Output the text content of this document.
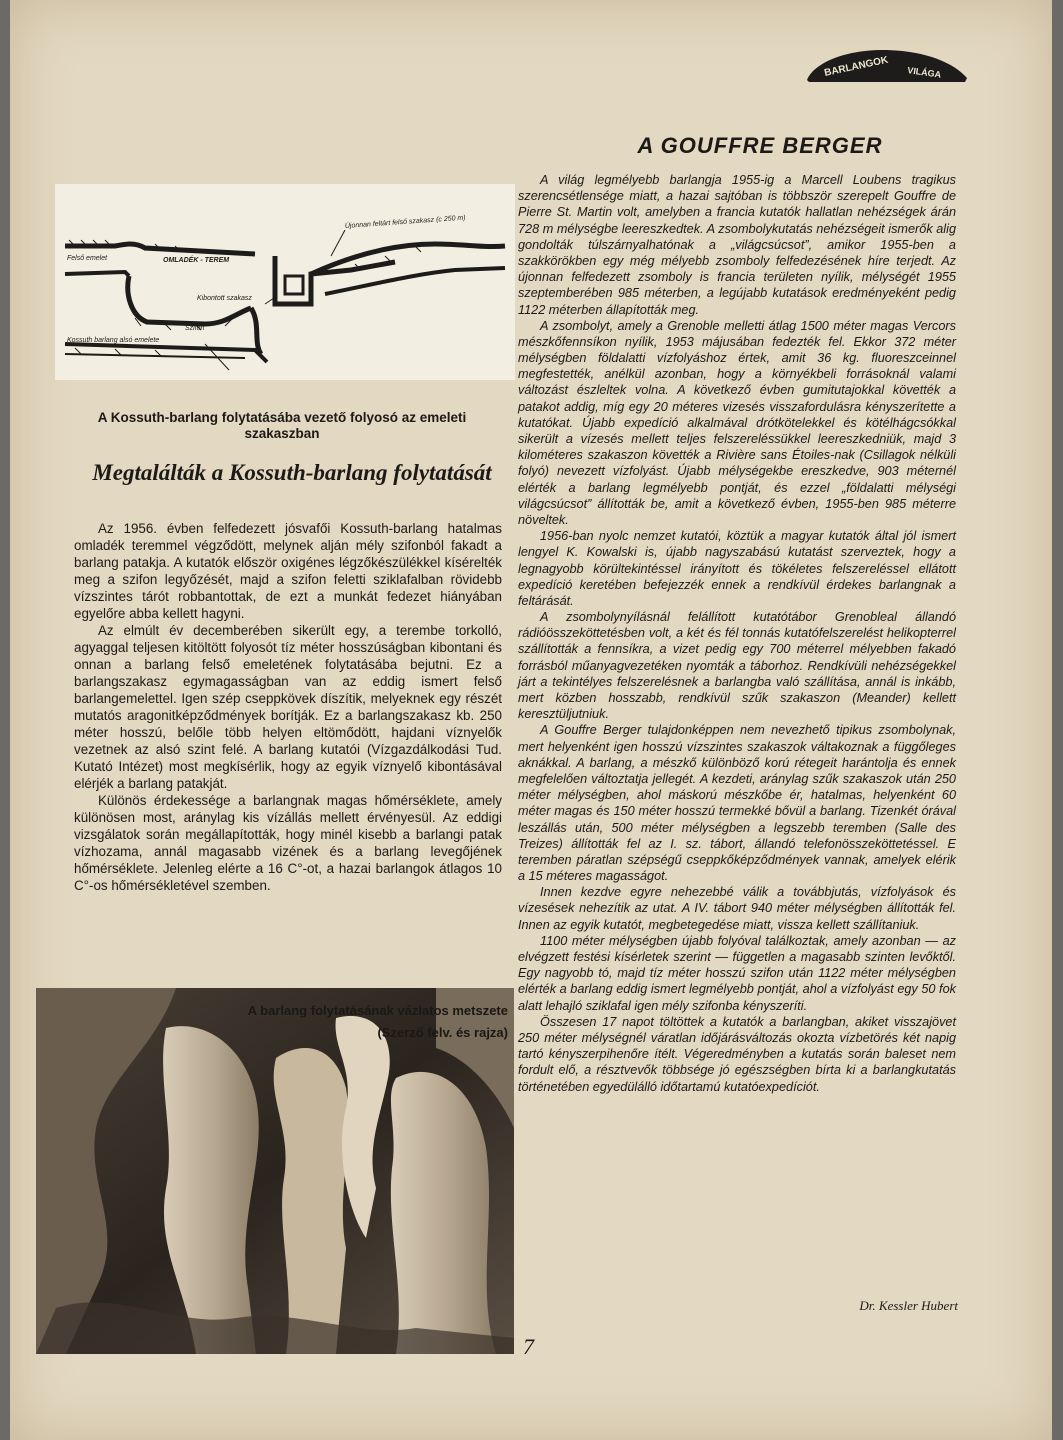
BARLANGOK VILÁGA
Felső emelet	OMLADÉK - TEREM
Kibontott szakasz
Szifon
Kossuth barlang alsó emelete
Újonnan feltárt felső szakasz (c 250 m)
A Kossuth-barlang folytatásába vezető folyosó az emeleti szakaszban
Megtalálták a Kossuth-barlang folytatását

Az 1956. évben felfedezett jósvafői Kossuth-barlang hatalmas omladék teremmel végződött, melynek alján mély szifonból fakadt a barlang patakja. A kutatók először oxigénes légzőkészülékkel kísérelték meg a szifon legyőzését, majd a szifon feletti sziklafalban rövidebb vízszintes tárót robbantottak, de ezt a munkát fedezet hiányában egyelőre abba kellett hagyni.

Az elmúlt év decemberében sikerült egy, a terembe torkolló, agyaggal teljesen kitöltött folyosót tíz méter hosszúságban kibontani és onnan a barlang felső emeletének folytatásába bejutni. Ez a barlangszakasz egymagasságban van az eddig ismert felső barlangemelettel. Igen szép cseppkövek díszítik, melyeknek egy részét mutatós aragonitképződmények borítják. Ez a barlangszakasz kb. 250 méter hosszú, belőle több helyen eltömődött, hajdani víznyelők vezetnek az alsó szint felé. A barlang kutatói (Vízgazdálkodási Tud. Kutató Intézet) most megkísérlik, hogy az egyik víznyelő kibontásával elérjék a barlang patakját.

Különös érdekessége a barlangnak magas hőmérséklete, amely különösen most, aránylag kis vízállás mellett érvényesül. Az eddigi vizsgálatok során megállapították, hogy minél kisebb a barlangi patak vízhozama, annál magasabb vizének és a barlang levegőjének hőmérséklete. Jelenleg elérte a 16 C°-ot, a hazai barlangok átlagos 10 C°-os hőmérsékletével szemben.

A barlang folytatásának vázlatos metszete
(Szerző felv. és rajza)
7
A GOUFFRE BERGER

A világ legmélyebb barlangja 1955-ig a Marcell Loubens tragikus szerencsétlensége miatt, a hazai sajtóban is többször szerepelt Gouffre de Pierre St. Martin volt, amelyben a francia kutatók hallatlan nehézségek árán 728 m mélységbe leereszkedtek. A zsombolykutatás nehézségeit ismerők alig gondolták túlszárnyalhatónak a „világcsúcsot”, amikor 1955-ben a szakkörökben egy még mélyebb zsomboly felfedezésének híre terjedt. Az újonnan felfedezett zsomboly is francia területen nyílik, mélységét 1955 szeptemberében 985 méterben, a legújabb kutatások eredményeként pedig 1122 méterben állapították meg.

A zsombolyt, amely a Grenoble melletti átlag 1500 méter magas Vercors mészkőfennsíkon nyílik, 1953 májusában fedezték fel. Ekkor 372 méter mélységben földalatti vízfolyáshoz értek, amit 36 kg. fluoreszceinnel megfestették, anélkül azonban, hogy a környékbeli forrásoknál valami változást észleltek volna. A következő évben gumitutajokkal követték a patakot addig, míg egy 20 méteres vizesés visszafordulásra kényszerítette a kutatókat. Újabb expedíció alkalmával drótkötelekkel és kötélhágcsókkal sikerült a vízesés mellett teljes felszereléssükkel leereszkedniük, majd 3 kilométeres szakaszon követték a Rivière sans Étoiles-nak (Csillagok nélküli folyó) nevezett vízfolyást. Újabb mélységekbe ereszkedve, 903 méternél elérték a barlang legmélyebb pontját, és ezzel „földalatti mélységi világcsúcsot” állították be, amit a következő évben, 1955-ben 985 méterre növeltek.

1956-ban nyolc nemzet kutatói, köztük a magyar kutatók által jól ismert lengyel K. Kowalski is, újabb nagyszabású kutatást szerveztek, hogy a legnagyobb körültekintéssel irányított és tökéletes felszereléssel ellátott expedíció keretében befejezzék ennek a rendkívül érdekes barlangnak a feltárását.

A zsombolynyílásnál felállított kutatótábor Grenobleal állandó rádióösszeköttetésben volt, a két és fél tonnás kutatófelszerelést helikopterrel szállították a fennsíkra, a vizet pedig egy 700 méterrel mélyebben fakadó forrásból műanyagvezetéken nyomták a táborhoz. Rendkívüli nehézségekkel járt a tekintélyes felszerelésnek a barlangba való szállítása, annál is inkább, mert közben hosszabb, rendkívül szűk szakaszon (Meander) kellett keresztüljutniuk.

A Gouffre Berger tulajdonképpen nem nevezhető tipikus zsombolynak, mert helyenként igen hosszú vízszintes szakaszok váltakoznak a függőleges aknákkal. A barlang, a mészkő különböző korú rétegeit harántolja és ennek megfelelően változtatja jellegét. A kezdeti, aránylag szűk szakaszok után 250 méter mélységben, ahol máskorú mészkőbe ér, hatalmas, helyenként 60 méter magas és 150 méter hosszú termekké bővül a barlang. Tizenkét órával leszállás után, 500 méter mélységben a legszebb teremben (Salle des Treizes) állították fel az I. sz. tábort, állandó telefonösszeköttetéssel. E teremben páratlan szépségű cseppkőképződmények vannak, amelyek elérik a 15 méteres magasságot.

Innen kezdve egyre nehezebbé válik a továbbjutás, vízfolyások és vízesések nehezítik az utat. A IV. tábort 940 méter mélységben állították fel. Innen az egyik kutatót, megbetegedése miatt, vissza kellett szállítaniuk.

1100 méter mélységben újabb folyóval találkoztak, amely azonban — az elvégzett festési kísérletek szerint — független a magasabb szinten levőktől. Egy nagyobb tó, majd tíz méter hosszú szifon után 1122 méter mélységben elérték a barlang eddig ismert legmélyebb pontját, ahol a vízfolyást egy 50 fok alatt lehajló sziklafal igen mély szifonba kényszeríti.

Összesen 17 napot töltöttek a kutatók a barlangban, akiket visszajövet 250 méter mélységnél váratlan időjárásváltozás okozta vízbetörés két napig tartó kényszerpihenőre ítélt. Végeredményben a kutatás során baleset nem fordult elő, a résztvevők többsége jó egészségben bírta ki a barlangkutatás történetében egyedülálló időtartamú kutatóexpedíciót.

Dr. Kessler Hubert
